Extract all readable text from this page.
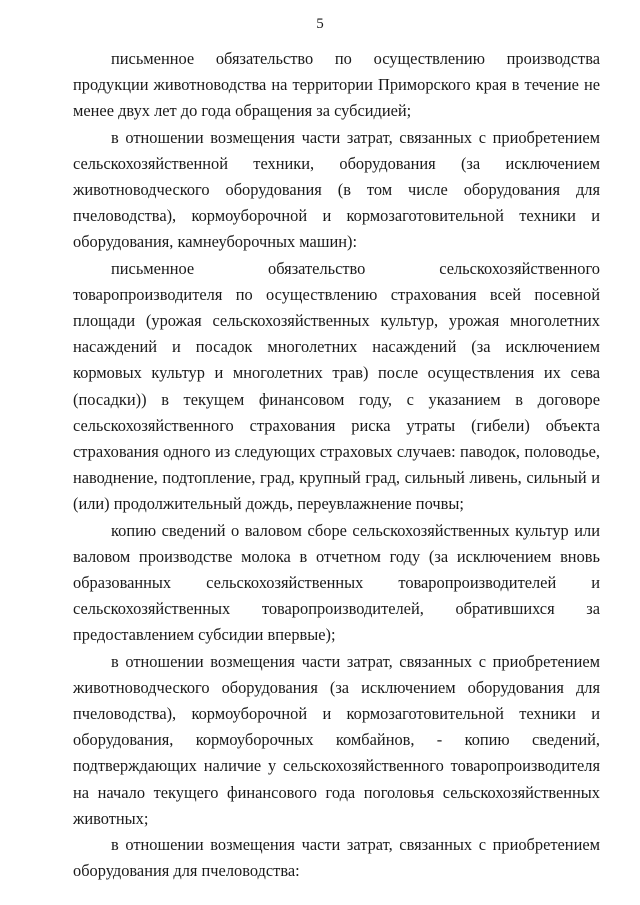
5

письменное обязательство по осуществлению производства продукции животноводства на территории Приморского края в течение не менее двух лет до года обращения за субсидией;

в отношении возмещения части затрат, связанных с приобретением сельскохозяйственной техники, оборудования (за исключением животноводческого оборудования (в том числе оборудования для пчеловодства), кормоуборочной и кормозаготовительной техники и оборудования, камнеуборочных машин):

письменное обязательство сельскохозяйственного товаропроизводителя по осуществлению страхования всей посевной площади (урожая сельскохозяйственных культур, урожая многолетних насаждений и посадок многолетних насаждений (за исключением кормовых культур и многолетних трав) после осуществления их сева (посадки)) в текущем финансовом году, с указанием в договоре сельскохозяйственного страхования риска утраты (гибели) объекта страхования одного из следующих страховых случаев: паводок, половодье, наводнение, подтопление, град, крупный град, сильный ливень, сильный и (или) продолжительный дождь, переувлажнение почвы;

копию сведений о валовом сборе сельскохозяйственных культур или валовом производстве молока в отчетном году (за исключением вновь образованных сельскохозяйственных товаропроизводителей и сельскохозяйственных товаропроизводителей, обратившихся за предоставлением субсидии впервые);

в отношении возмещения части затрат, связанных с приобретением животноводческого оборудования (за исключением оборудования для пчеловодства), кормоуборочной и кормозаготовительной техники и оборудования, кормоуборочных комбайнов, - копию сведений, подтверждающих наличие у сельскохозяйственного товаропроизводителя на начало текущего финансового года поголовья сельскохозяйственных животных;

в отношении возмещения части затрат, связанных с приобретением оборудования для пчеловодства:
